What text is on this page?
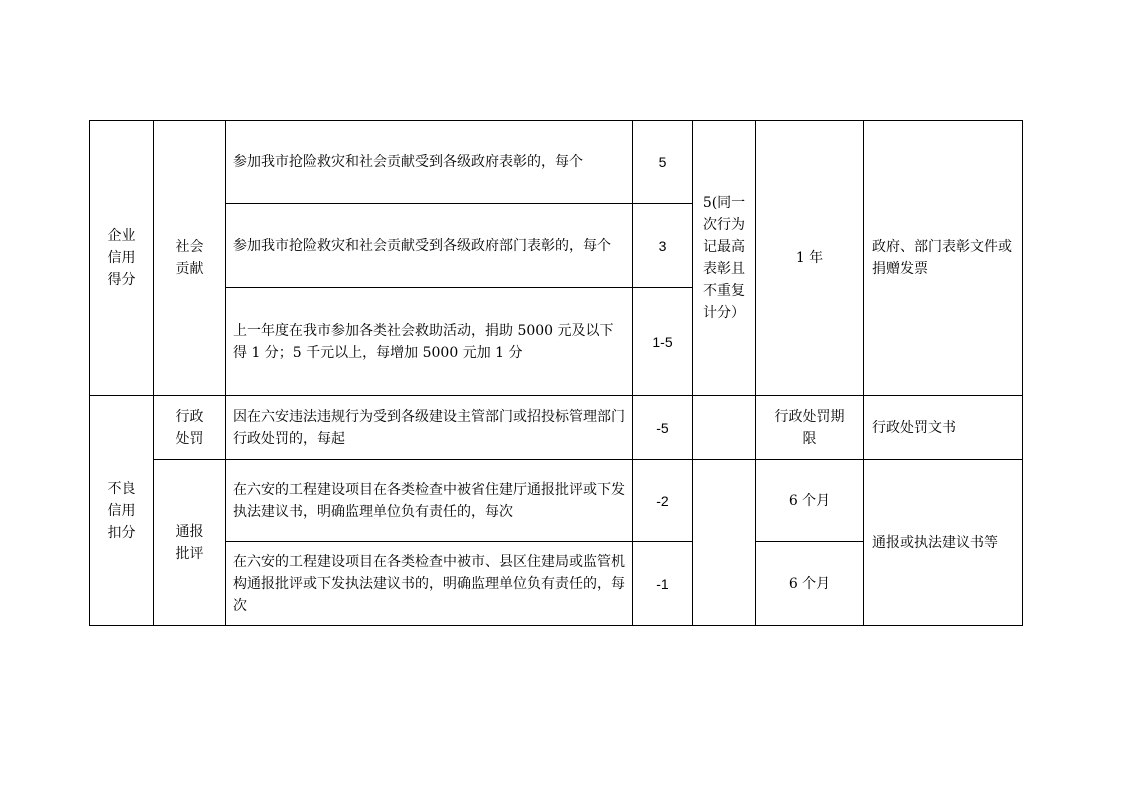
企业信用得分	社会贡献	参加我市抢险救灾和社会贡献受到各级政府表彰的，每个	5	5(同一次行为记最高表彰且不重复计分）	1 年	政府、部门表彰文件或捐赠发票
		参加我市抢险救灾和社会贡献受到各级政府部门表彰的，每个	3			
		上一年度在我市参加各类社会救助活动，捐助 5000 元及以下得 1 分；5 千元以上，每增加 5000 元加 1 分	1-5			
不良信用扣分	行政处罚	因在六安违法违规行为受到各级建设主管部门或招投标管理部门行政处罚的，每起	-5		行政处罚期限	行政处罚文书
	通报批评	在六安的工程建设项目在各类检查中被省住建厅通报批评或下发执法建议书，明确监理单位负有责任的，每次	-2		6 个月	通报或执法建议书等
		在六安的工程建设项目在各类检查中被市、县区住建局或监管机构通报批评或下发执法建议书的，明确监理单位负有责任的，每次	-1		6 个月	
